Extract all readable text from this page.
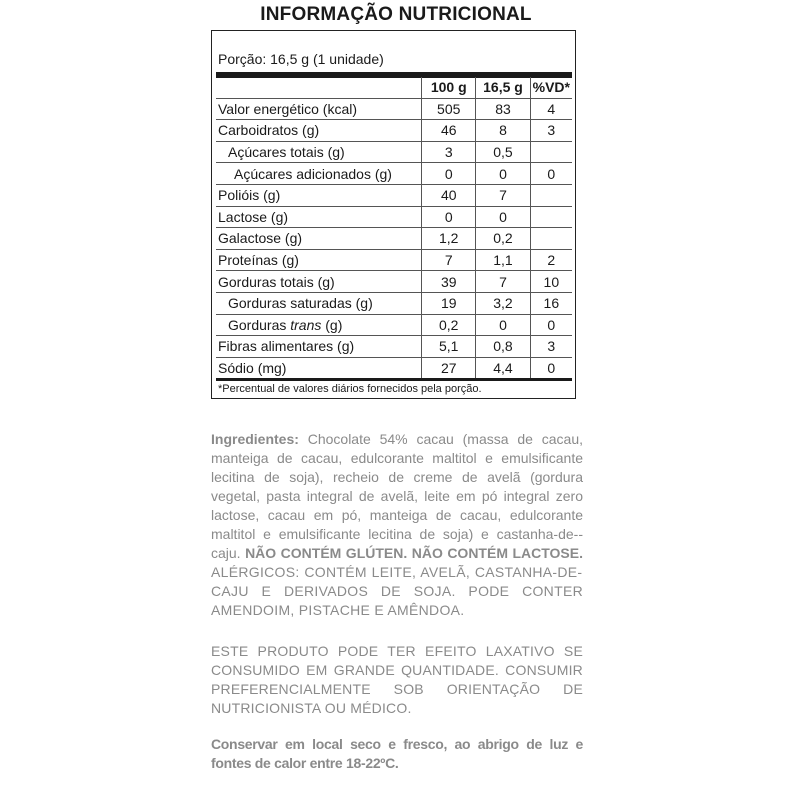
INFORMAÇÃO NUTRICIONAL
Porção: 16,5 g (1 unidade)
	100 g	16,5 g	%VD*
Valor energético (kcal)	505	83	4
Carboidratos (g)	46	8	3
Açúcares totais (g)	3	0,5	
Açúcares adicionados (g)	0	0	0
Polióis (g)	40	7	
Lactose (g)	0	0	
Galactose (g)	1,2	0,2	
Proteínas (g)	7	1,1	2
Gorduras totais (g)	39	7	10
Gorduras saturadas (g)	19	3,2	16
Gorduras trans (g)	0,2	0	0
Fibras alimentares (g)	5,1	0,8	3
Sódio (mg)	27	4,4	0
*Percentual de valores diários fornecidos pela porção.
Ingredientes: Chocolate 54% cacau (massa de cacau, manteiga de cacau, edulcorante maltitol e emulsificante lecitina de soja), recheio de creme de avelã (gordura vegetal, pasta integral de avelã, leite em pó integral zero lactose, cacau em pó, manteiga de cacau, edulcorante maltitol e emulsificante lecitina de soja) e castanha-de--caju. NÃO CONTÉM GLÚTEN. NÃO CONTÉM LACTOSE. ALÉRGICOS: CONTÉM LEITE, AVELÃ, CASTANHA-DE-CAJU E DERIVADOS DE SOJA. PODE CONTER AMENDOIM, PISTACHE E AMÊNDOA.
ESTE PRODUTO PODE TER EFEITO LAXATIVO SE CONSUMIDO EM GRANDE QUANTIDADE. CONSUMIR PREFERENCIALMENTE SOB ORIENTAÇÃO DE NUTRICIONISTA OU MÉDICO.
Conservar em local seco e fresco, ao abrigo de luz e fontes de calor entre 18-22ºC.
